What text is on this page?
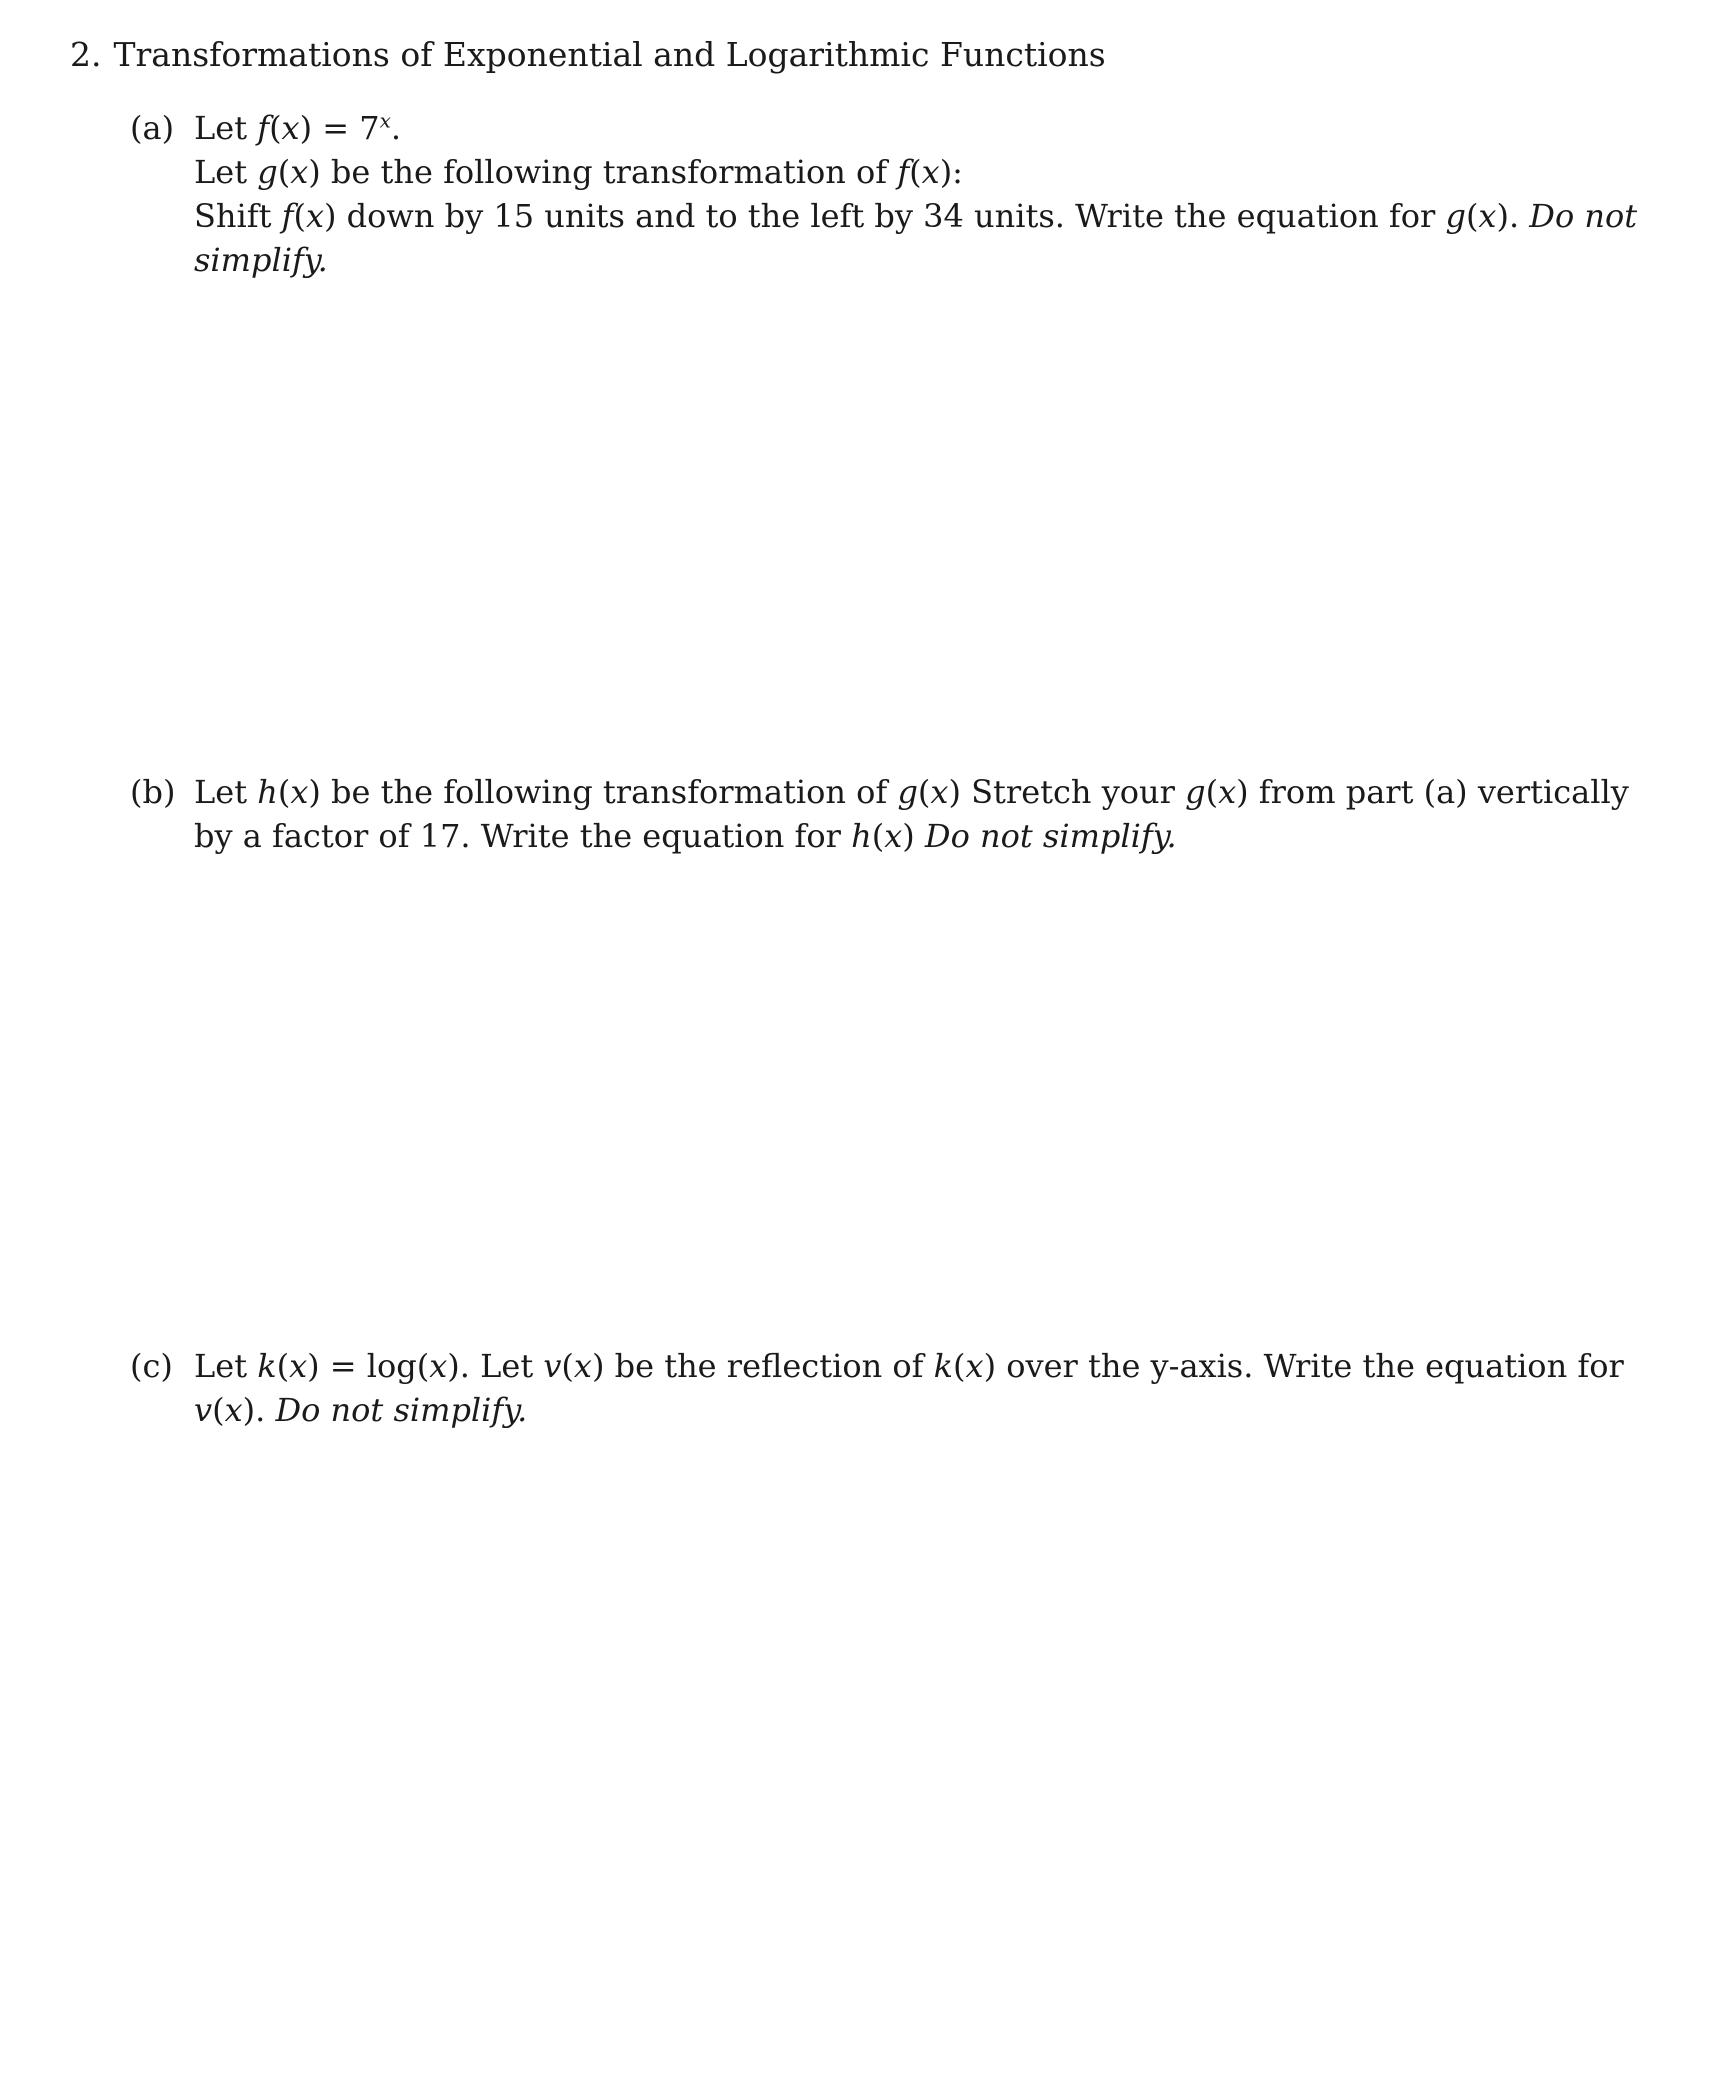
2. Transformations of Exponential and Logarithmic Functions
(a) Let $f(x) = 7^x$.
Let g(x) be the following transformation of f(x):
Shift f(x) down by 15 units and to the left by 34 units. Write the equation for g(x). Do not
simplify.
(b) Let h(x) be the following transformation of g(x) Stretch your g(x) from part (a) vertically
by a factor of 17. Write the equation for h(x) Do not simplify.
(c) Let k(x) = log(x). Let v(x) be the reflection of k(x) over the y-axis. Write the equation for
v(x). Do not simplify.
